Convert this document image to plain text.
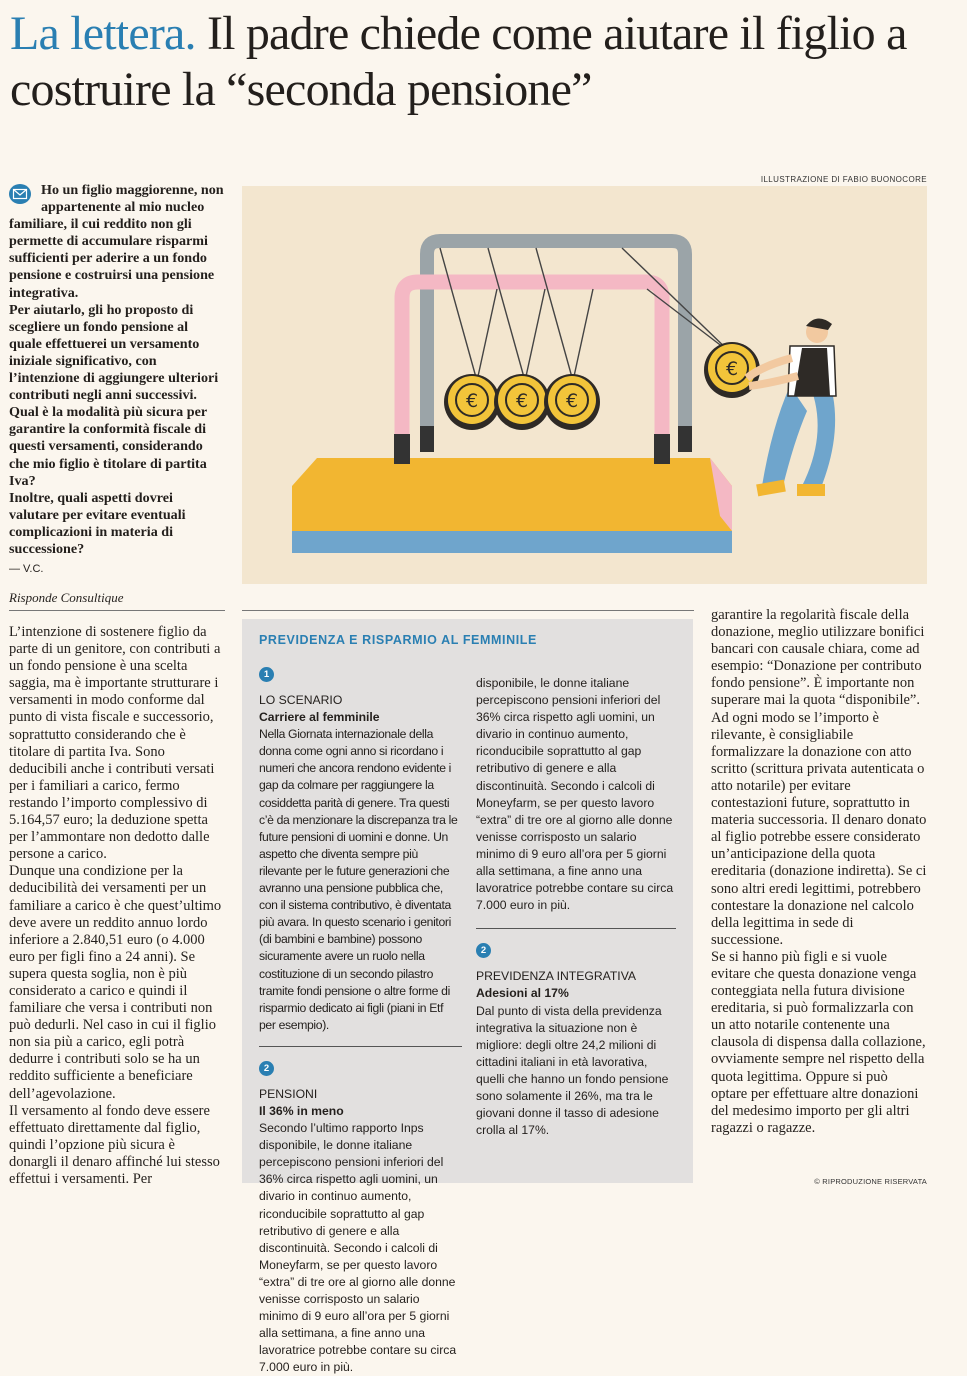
La lettera. Il padre chiede come aiutare il figlio a costruire la “seconda pensione”
ILLUSTRAZIONE DI FABIO BUONOCORE
€ € €
€

Ho un figlio maggiorenne, non appartenente al mio nucleo familiare, il cui reddito non gli permette di accumulare risparmi sufficienti per aderire a un fondo pensione e costruirsi una pensione integrativa.

Per aiutarlo, gli ho proposto di scegliere un fondo pensione al quale effettuerei un versamento iniziale significativo, con l’intenzione di aggiungere ulteriori contributi negli anni successivi.

Qual è la modalità più sicura per garantire la conformità fiscale di questi versamenti, considerando che mio figlio è titolare di partita Iva?

Inoltre, quali aspetti dovrei valutare per evitare eventuali complicazioni in materia di successione?

— V.C.

Risponde Consultique

L’intenzione di sostenere figlio da parte di un genitore, con contributi a un fondo pensione è una scelta saggia, ma è importante strutturare i versamenti in modo conforme dal punto di vista fiscale e successorio, soprattutto considerando che è titolare di partita Iva. Sono deducibili anche i contributi versati per i familiari a carico, fermo restando l’importo complessivo di 5.164,57 euro; la deduzione spetta per l’ammontare non dedotto dalle persone a carico.

Dunque una condizione per la deducibilità dei versamenti per un familiare a carico è che quest’ultimo deve avere un reddito annuo lordo inferiore a 2.840,51 euro (o 4.000 euro per figli fino a 24 anni). Se supera questa soglia, non è più considerato a carico e quindi il familiare che versa i contributi non può dedurli. Nel caso in cui il figlio non sia più a carico, egli potrà dedurre i contributi solo se ha un reddito sufficiente a beneficiare dell’agevolazione.

Il versamento al fondo deve essere effettuato direttamente dal figlio, quindi l’opzione più sicura è donargli il denaro affinché lui stesso effettui i versamenti. Per

PREVIDENZA E RISPARMIO AL FEMMINILE
1

LO SCENARIO

Carriere al femminile

Nella Giornata internazionale della donna come ogni anno si ricordano i numeri che ancora rendono evidente i gap da colmare per raggiungere la cosiddetta parità di genere. Tra questi c’è da menzionare la discrepanza tra le future pensioni di uomini e donne. Un aspetto che diventa sempre più rilevante per le future generazioni che avranno una pensione pubblica che, con il sistema contributivo, è diventata più avara. In questo scenario i genitori (di bambini e bambine) possono sicuramente avere un ruolo nella costituzione di un secondo pilastro tramite fondi pensione o altre forme di risparmio dedicato ai figli (piani in Etf per esempio).

2

PENSIONI

Il 36% in meno

Secondo l’ultimo rapporto Inps disponibile, le donne italiane percepiscono pensioni inferiori del 36% circa rispetto agli uomini, un divario in continuo aumento, riconducibile soprattutto al gap retributivo di genere e alla discontinuità. Secondo i calcoli di Moneyfarm, se per questo lavoro “extra” di tre ore al giorno alle donne venisse corrisposto un salario minimo di 9 euro all’ora per 5 giorni alla settimana, a fine anno una lavoratrice potrebbe contare su circa 7.000 euro in più.

disponibile, le donne italiane percepiscono pensioni inferiori del 36% circa rispetto agli uomini, un divario in continuo aumento, riconducibile soprattutto al gap retributivo di genere e alla discontinuità. Secondo i calcoli di Moneyfarm, se per questo lavoro “extra” di tre ore al giorno alle donne venisse corrisposto un salario minimo di 9 euro all’ora per 5 giorni alla settimana, a fine anno una lavoratrice potrebbe contare su circa 7.000 euro in più.

2

PREVIDENZA INTEGRATIVA

Adesioni al 17%

Dal punto di vista della previdenza integrativa la situazione non è migliore: degli oltre 24,2 milioni di cittadini italiani in età lavorativa, quelli che hanno un fondo pensione sono solamente il 26%, ma tra le giovani donne il tasso di adesione crolla al 17%.

garantire la regolarità fiscale della donazione, meglio utilizzare bonifici bancari con causale chiara, come ad esempio: “Donazione per contributo fondo pensione”. È importante non superare mai la quota “disponibile”.

Ad ogni modo se l’importo è rilevante, è consigliabile formalizzare la donazione con atto scritto (scrittura privata autenticata o atto notarile) per evitare contestazioni future, soprattutto in materia successoria. Il denaro donato al figlio potrebbe essere considerato un’anticipazione della quota ereditaria (donazione indiretta). Se ci sono altri eredi legittimi, potrebbero contestare la donazione nel calcolo della legittima in sede di successione.

Se si hanno più figli e si vuole evitare che questa donazione venga conteggiata nella futura divisione ereditaria, si può formalizzarla con un atto notarile contenente una clausola di dispensa dalla collazione, ovviamente sempre nel rispetto della quota legittima. Oppure si può optare per effettuare altre donazioni del medesimo importo per gli altri ragazzi o ragazze.

© RIPRODUZIONE RISERVATA
